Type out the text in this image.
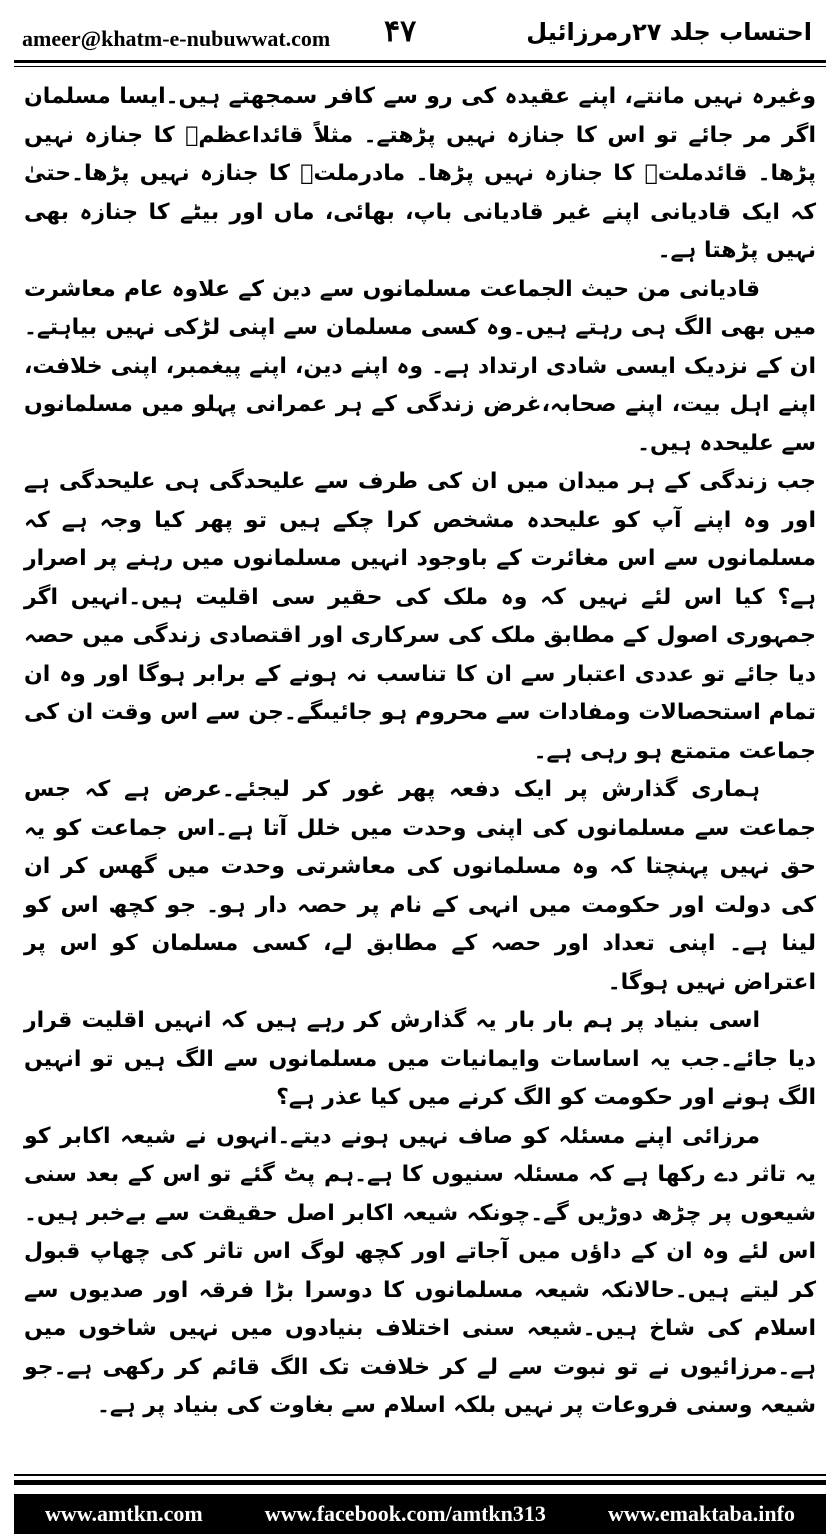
ameer@khatm-e-nubuwwat.com ۴۷	احتساب جلد ۲۷رمرزائیل

وغیرہ نہیں مانتے، اپنے عقیدہ کی رو سے کافر سمجھتے ہیں۔ایسا مسلمان اگر مر جائے تو اس کا جنازہ نہیں پڑھتے۔ مثلاً قائداعظمؒ کا جنازہ نہیں پڑھا۔ قائدملتؒ کا جنازہ نہیں پڑھا۔ مادرملتؒ کا جنازہ نہیں پڑھا۔حتیٰ کہ ایک قادیانی اپنے غیر قادیانی باپ، بھائی، ماں اور بیٹے کا جنازہ بھی نہیں پڑھتا ہے۔

قادیانی من حیث الجماعت مسلمانوں سے دین کے علاوہ عام معاشرت میں بھی الگ ہی رہتے ہیں۔وہ کسی مسلمان سے اپنی لڑکی نہیں بیاہتے۔ان کے نزدیک ایسی شادی ارتداد ہے۔ وہ اپنے دین، اپنے پیغمبر، اپنی خلافت، اپنے اہل بیت، اپنے صحابہ،غرض زندگی کے ہر عمرانی پہلو میں مسلمانوں سے علیحدہ ہیں۔

جب زندگی کے ہر میدان میں ان کی طرف سے علیحدگی ہی علیحدگی ہے اور وہ اپنے آپ کو علیحدہ مشخص کرا چکے ہیں تو پھر کیا وجہ ہے کہ مسلمانوں سے اس مغائرت کے باوجود انہیں مسلمانوں میں رہنے پر اصرار ہے؟ کیا اس لئے نہیں کہ وہ ملک کی حقیر سی اقلیت ہیں۔انہیں اگر جمہوری اصول کے مطابق ملک کی سرکاری اور اقتصادی زندگی میں حصہ دیا جائے تو عددی اعتبار سے ان کا تناسب نہ ہونے کے برابر ہوگا اور وہ ان تمام استحصالات ومفادات سے محروم ہو جائیںگے۔جن سے اس وقت ان کی جماعت متمتع ہو رہی ہے۔

ہماری گذارش پر ایک دفعہ پھر غور کر لیجئے۔عرض ہے کہ جس جماعت سے مسلمانوں کی اپنی وحدت میں خلل آتا ہے۔اس جماعت کو یہ حق نہیں پہنچتا کہ وہ مسلمانوں کی معاشرتی وحدت میں گھس کر ان کی دولت اور حکومت میں انہی کے نام پر حصہ دار ہو۔ جو کچھ اس کو لینا ہے۔ اپنی تعداد اور حصہ کے مطابق لے، کسی مسلمان کو اس پر اعتراض نہیں ہوگا۔

اسی بنیاد پر ہم بار بار یہ گذارش کر رہے ہیں کہ انہیں اقلیت قرار دیا جائے۔جب یہ اساسات وایمانیات میں مسلمانوں سے الگ ہیں تو انہیں الگ ہونے اور حکومت کو الگ کرنے میں کیا عذر ہے؟

مرزائی اپنے مسئلہ کو صاف نہیں ہونے دیتے۔انہوں نے شیعہ اکابر کو یہ تاثر دے رکھا ہے کہ مسئلہ سنیوں کا ہے۔ہم پٹ گئے تو اس کے بعد سنی شیعوں پر چڑھ دوڑیں گے۔چونکہ شیعہ اکابر اصل حقیقت سے بےخبر ہیں۔اس لئے وہ ان کے داؤں میں آجاتے اور کچھ لوگ اس تاثر کی چھاپ قبول کر لیتے ہیں۔حالانکہ شیعہ مسلمانوں کا دوسرا بڑا فرقہ اور صدیوں سے اسلام کی شاخ ہیں۔شیعہ سنی اختلاف بنیادوں میں نہیں شاخوں میں ہے۔مرزائیوں نے تو نبوت سے لے کر خلافت تک الگ قائم کر رکھی ہے۔جو شیعہ وسنی فروعات پر نہیں بلکہ اسلام سے بغاوت کی بنیاد پر ہے۔

www.amtkn.com	www.facebook.com/amtkn313	www.emaktaba.info
